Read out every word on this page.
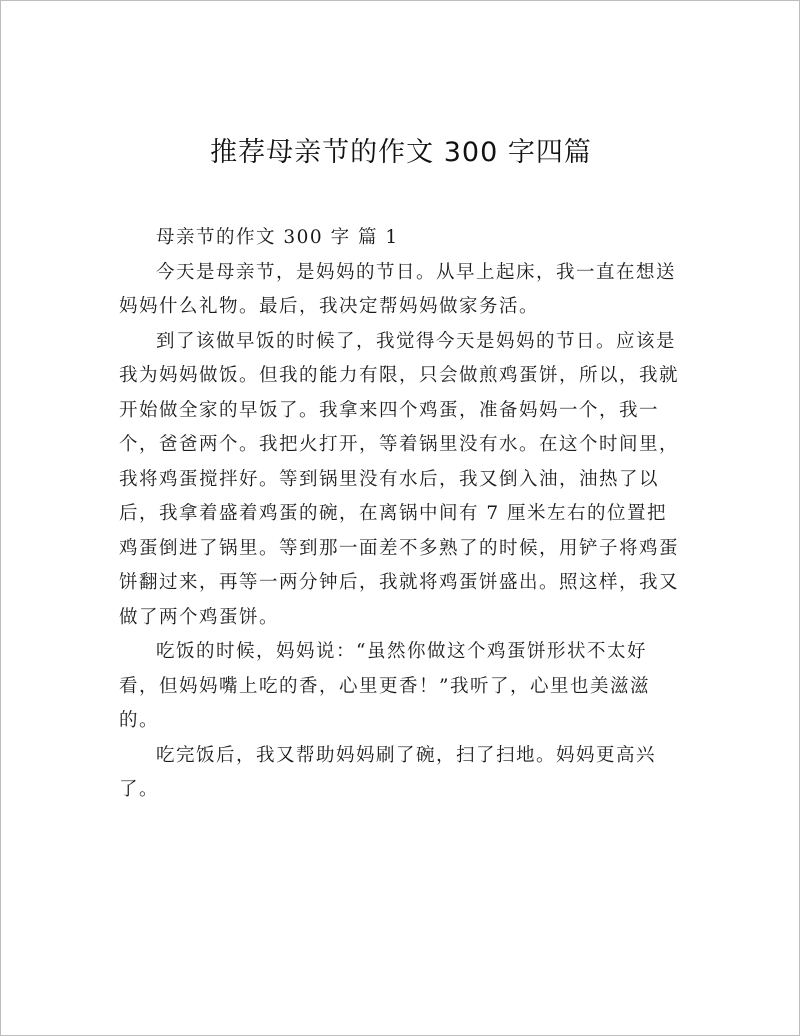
推荐母亲节的作文 300 字四篇

母亲节的作文 300 字 篇 1

今天是母亲节，是妈妈的节日。从早上起床，我一直在想送妈妈什么礼物。最后，我决定帮妈妈做家务活。

到了该做早饭的时候了，我觉得今天是妈妈的节日。应该是我为妈妈做饭。但我的能力有限，只会做煎鸡蛋饼，所以，我就开始做全家的早饭了。我拿来四个鸡蛋，准备妈妈一个，我一个，爸爸两个。我把火打开，等着锅里没有水。在这个时间里，我将鸡蛋搅拌好。等到锅里没有水后，我又倒入油，油热了以后，我拿着盛着鸡蛋的碗，在离锅中间有 7 厘米左右的位置把鸡蛋倒进了锅里。等到那一面差不多熟了的时候，用铲子将鸡蛋饼翻过来，再等一两分钟后，我就将鸡蛋饼盛出。照这样，我又做了两个鸡蛋饼。

吃饭的时候，妈妈说：“虽然你做这个鸡蛋饼形状不太好看，但妈妈嘴上吃的香，心里更香！”我听了，心里也美滋滋的。

吃完饭后，我又帮助妈妈刷了碗，扫了扫地。妈妈更高兴了。
